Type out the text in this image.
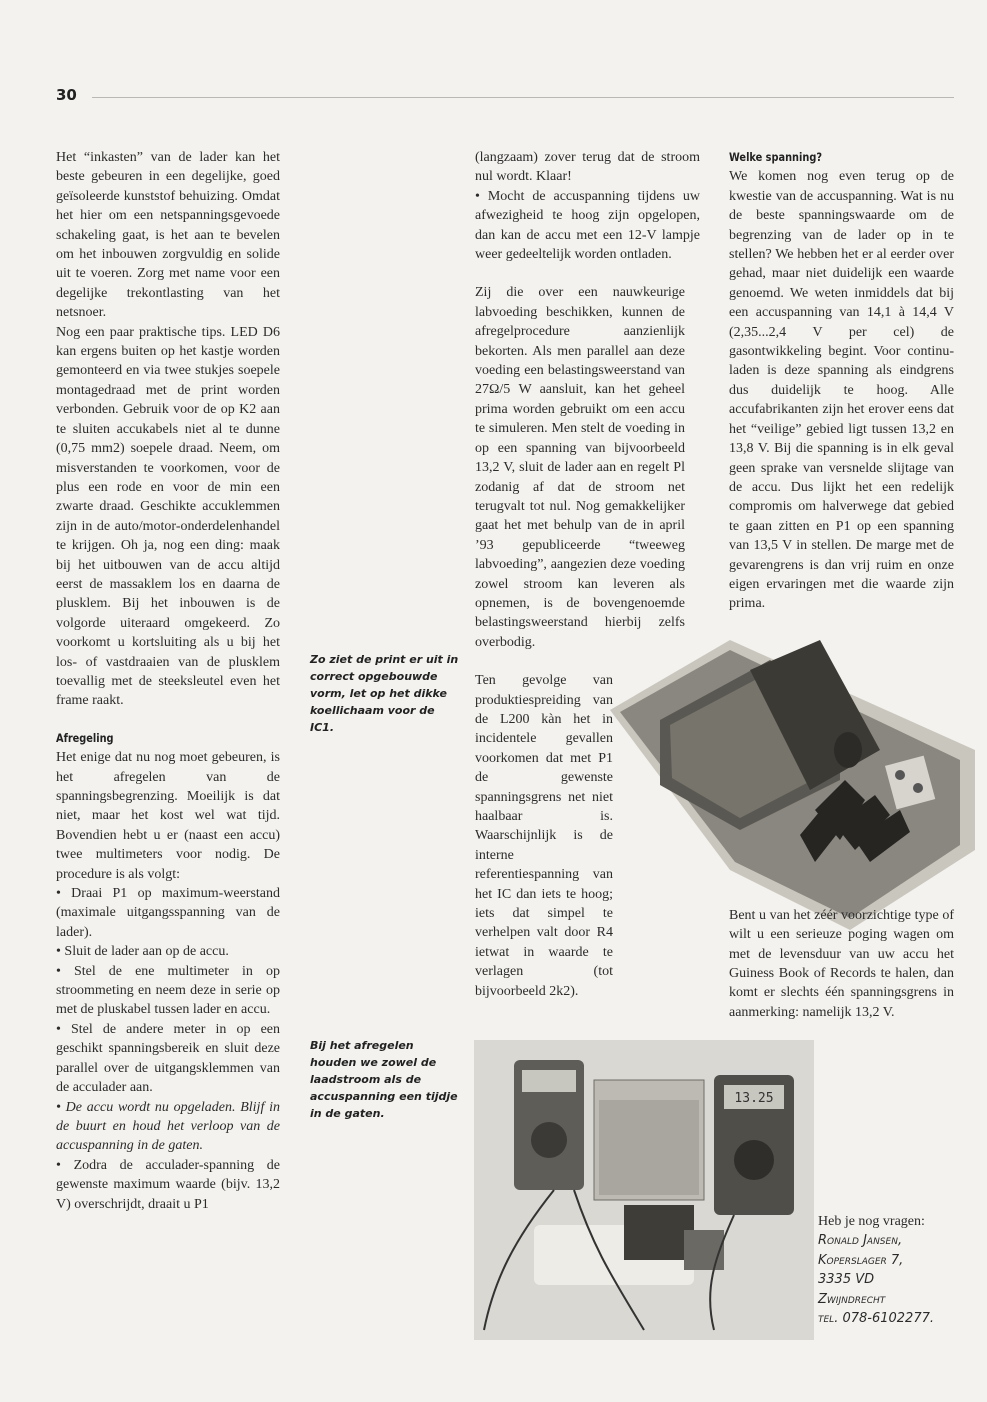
30

Het “inkasten” van de lader kan het beste gebeuren in een degelijke, goed geïsoleerde kunststof behuizing. Omdat het hier om een netspanningsgevoede schakeling gaat, is het aan te bevelen om het inbouwen zorgvuldig en solide uit te voeren. Zorg met name voor een degelijke trekontlasting van het netsnoer.

Nog een paar praktische tips. LED D6 kan ergens buiten op het kastje worden gemonteerd en via twee stukjes soepele montagedraad met de print worden verbonden. Gebruik voor de op K2 aan te sluiten accukabels niet al te dunne (0,75 mm2) soepele draad. Neem, om misverstanden te voorkomen, voor de plus een rode en voor de min een zwarte draad. Geschikte accuklemmen zijn in de auto/motor-onderdelenhandel te krijgen. Oh ja, nog een ding: maak bij het uitbouwen van de accu altijd eerst de massaklem los en daarna de plusklem. Bij het inbouwen is de volgorde uiteraard omgekeerd. Zo voorkomt u kortsluiting als u bij het los- of vastdraaien van de plusklem toevallig met de steeksleutel even het frame raakt.

Afregeling

Het enige dat nu nog moet gebeuren, is het afregelen van de spanningsbegrenzing. Moeilijk is dat niet, maar het kost wel wat tijd. Bovendien hebt u er (naast een accu) twee multimeters voor nodig. De procedure is als volgt:

• Draai P1 op maximum-weerstand (maximale uitgangsspanning van de lader).

• Sluit de lader aan op de accu.

• Stel de ene multimeter in op stroommeting en neem deze in serie op met de pluskabel tussen lader en accu.

• Stel de andere meter in op een geschikt spanningsbereik en sluit deze parallel over de uitgangsklemmen van de acculader aan.

• De accu wordt nu opgeladen. Blijf in de buurt en houd het verloop van de accuspanning in de gaten.

• Zodra de acculader-spanning de gewenste maximum waarde (bijv. 13,2 V) overschrijdt, draait u P1

Zo ziet de print er uit in correct opgebouwde vorm, let op het dikke koellichaam voor de IC1.
Bij het afregelen houden we zowel de laadstroom als de accuspanning een tijdje in de gaten.
13.25

(langzaam) zover terug dat de stroom nul wordt. Klaar!

• Mocht de accuspanning tijdens uw afwezigheid te hoog zijn opgelopen, dan kan de accu met een 12-V lampje weer gedeeltelijk worden ontladen.

Zij die over een nauwkeurige labvoeding beschikken, kunnen de afregelprocedure aanzienlijk bekorten. Als men parallel aan deze voeding een belastingsweerstand van 27Ω/5 W aansluit, kan het geheel prima worden gebruikt om een accu te simuleren. Men stelt de voeding in op een spanning van bijvoorbeeld 13,2 V, sluit de lader aan en regelt Pl zodanig af dat de stroom net terugvalt tot nul. Nog gemakkelijker gaat het met behulp van de in april ’93 gepubliceerde “tweeweg labvoeding”, aangezien deze voeding zowel stroom kan leveren als opnemen, is de bovengenoemde belastingsweerstand hierbij zelfs overbodig.

Ten gevolge van produktiespreiding van de L200 kàn het in incidentele gevallen voorkomen dat met P1 de gewenste spanningsgrens net niet haalbaar is. Waarschijnlijk is de interne referentiespanning van het IC dan iets te hoog; iets dat simpel te verhelpen valt door R4 ietwat in waarde te verlagen (tot bijvoorbeeld 2k2).

Welke spanning?

We komen nog even terug op de kwestie van de accuspanning. Wat is nu de beste spanningswaarde om de begrenzing van de lader op in te stellen? We hebben het er al eerder over gehad, maar niet duidelijk een waarde genoemd. We weten inmiddels dat bij een accuspanning van 14,1 à 14,4 V (2,35...2,4 V per cel) de gasontwikkeling begint. Voor continu-laden is deze spanning als eindgrens dus duidelijk te hoog. Alle accufabrikanten zijn het erover eens dat het “veilige” gebied ligt tussen 13,2 en 13,8 V. Bij die spanning is in elk geval geen sprake van versnelde slijtage van de accu. Dus lijkt het een redelijk compromis om halverwege dat gebied te gaan zitten en P1 op een spanning van 13,5 V in stellen. De marge met de gevarengrens is dan vrij ruim en onze eigen ervaringen met die waarde zijn prima.

Bent u van het zéér voorzichtige type of wilt u een serieuze poging wagen om met de levensduur van uw accu het Guiness Book of Records te halen, dan komt er slechts één spanningsgrens in aanmerking: namelijk 13,2 V.

Heb je nog vragen:
Ronald Jansen,
Koperslager 7,
3335 VD
Zwijndrecht
tel. 078-6102277.
